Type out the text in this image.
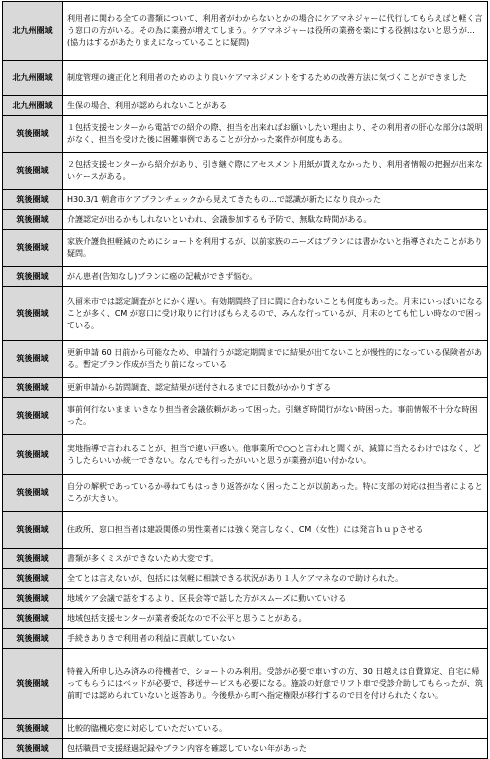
北九州圏域	利用者に関わる全ての書類について、利用者がわからないとかの場合にケアマネジャーに代行してもらえばと軽く言う窓口の方がいる。その為に業務が増えてしまう。ケアマネジャーは役所の業務を楽にする役割はないと思うが…(協力はするがあたりまえになっていることに疑問)
北九州圏域	制度管理の適正化と利用者のためのより良いケアマネジメントをするための改善方法に気づくことができました
北九州圏域	生保の場合、利用が認められないことがある
筑後圏域	１包括支援センターから電話での紹介の際、担当を出来ればお願いしたい理由より、その利用者の肝心な部分は説明がなく、担当を受けた後に困難事例であることが分かった案件が何度もある。
筑後圏域	２包括支援センターから紹介があり、引き継ぐ際にアセスメント用紙が貰えなかったり、利用者情報の把握が出来ないケースがある。
筑後圏域	H30.3/1 朝倉市ケアプランチェックから見えてきたもの…で認識が新たになり良かった
筑後圏域	介護認定が出るかもしれないといわれ、会議参加するも予防で、無駄な時間がある。
筑後圏域	家族介護負担軽減のためにショートを利用するが、以前家族のニーズはプランには書かないと指導されたことがあり疑問。
筑後圏域	がん患者(告知なし)プランに癌の記載ができず悩む。
筑後圏域	久留米市では認定調査がとにかく遅い。有効期間終了日に間に合わないことも何度もあった。月末にいっぱいになることが多く、CM が窓口に受け取りに行けばもらえるので、みんな行っているが、月末のとても忙しい時なので困っている。
筑後圏域	更新申請 60 日前から可能なため、申請行うが認定期間までに結果が出てないことが慢性的になっている保険者がある。暫定プラン作成が当たり前になっている
筑後圏域	更新申請から訪問調査、認定結果が送付されるまでに日数がかかりすぎる
筑後圏域	事前何行ないまま いきなり担当者会議依頼があって困った。引継ぎ時間行がない時困った。事前情報不十分な時困った。
筑後圏域	実地指導で言われることが、担当で違い戸惑い。他事業所で○○と言われと聞くが、減算に当たるわけではなく、どうしたらいいか統一できない。なんでも行ったがいいと思うが業務が追い付かない。
筑後圏域	自分の解釈であっているか尋ねてもはっきり返答がなく困ったことが以前あった。特に支部の対応は担当者によるところが大きい。
筑後圏域	住政所、窓口担当者は建設関係の男性業者には強く発言しなく、CM（女性）には発言ｈｕｐさせる
筑後圏域	書類が多くミスができないため大変です。
筑後圏域	全てとは言えないが、包括には気軽に相談できる状況があり１人ケアマネなので助けられた。
筑後圏域	地域ケア会議で話をするより、区長会等で話した方がスムーズに動いていける
筑後圏域	地域包括支援センターが業者委託なので不公平と思うことがある。
筑後圏域	手続きありきで利用者の利益に貢献していない
筑後圏域	特養入所申し込み済みの待機者で、ショートのみ利用。受診が必要で車いすの方、30 日越えは自費算定、自宅に帰ってもらうにはベッドが必要で、移送サービスも必要になる。施設の好意でリフト車で受診介助してもらったが、筑前町では認められていないと返答あり。今後県から町へ指定権限が移行するので日を付けられたくない。
筑後圏域	比較的臨機応変に対応していただいている。
筑後圏域	包括職員で支援経過記録やプラン内容を確認していない年があった
